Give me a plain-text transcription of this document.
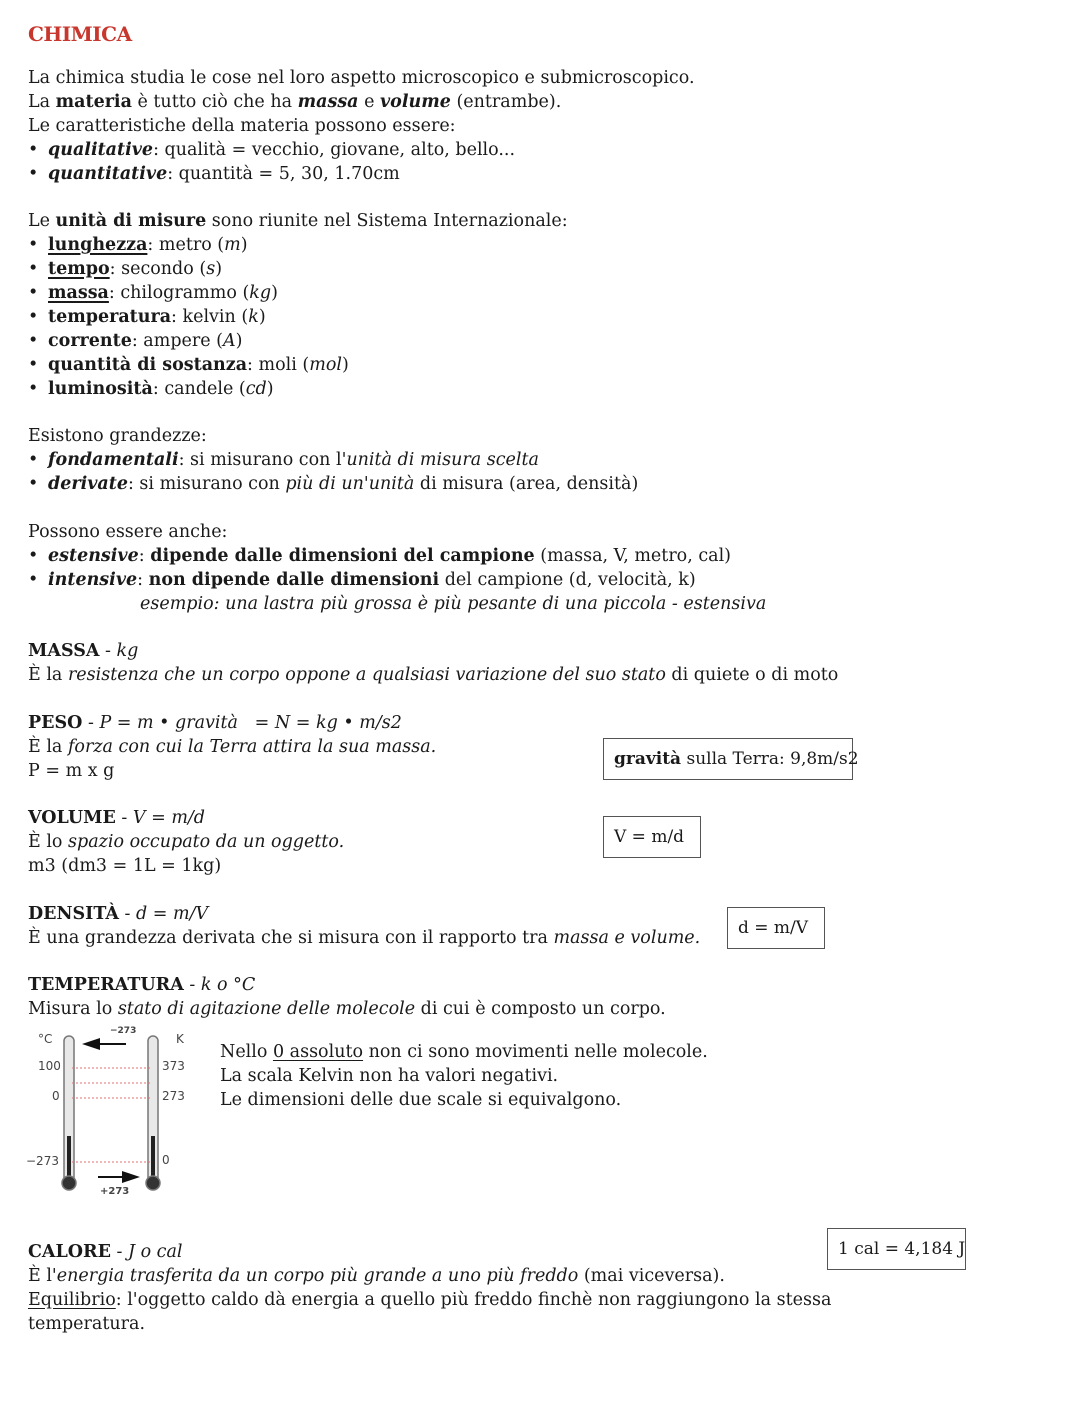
CHIMICA
La chimica studia le cose nel loro aspetto microscopico e submicroscopico.
La materia è tutto ciò che ha massa e volume (entrambe).
Le caratteristiche della materia possono essere:
• qualitative: qualità = vecchio, giovane, alto, bello...
• quantitative: quantità = 5, 30, 1.70cm
Le unità di misure sono riunite nel Sistema Internazionale:
• lunghezza: metro (m)
• tempo: secondo (s)
• massa: chilogrammo (kg)
• temperatura: kelvin (k)
• corrente: ampere (A)
• quantità di sostanza: moli (mol)
• luminosità: candele (cd)
Esistono grandezze:
• fondamentali: si misurano con l'unità di misura scelta
• derivate: si misurano con più di un'unità di misura (area, densità)
Possono essere anche:
• estensive: dipende dalle dimensioni del campione (massa, V, metro, cal)
• intensive: non dipende dalle dimensioni del campione (d, velocità, k)
esempio: una lastra più grossa è più pesante di una piccola - estensiva
MASSA - kg
È la resistenza che un corpo oppone a qualsiasi variazione del suo stato di quiete o di moto
PESO - P = m • gravità   = N = kg • m/s2
È la forza con cui la Terra attira la sua massa.
P = m x g
gravità sulla Terra: 9,8m/s2
VOLUME - V = m/d
È lo spazio occupato da un oggetto.
m3 (dm3 = 1L = 1kg)
V = m/d
DENSITÀ - d = m/V
È una grandezza derivata che si misura con il rapporto tra massa e volume.	d = m/V
TEMPERATURA - k o °C
Misura lo stato di agitazione delle molecole di cui è composto un corpo.
°C	K
100
0
−273
373
273
0
−273
+273
Nello 0 assoluto non ci sono movimenti nelle molecole.
La scala Kelvin non ha valori negativi.
Le dimensioni delle due scale si equivalgono.
CALORE - J o cal
È l'energia trasferita da un corpo più grande a uno più freddo (mai viceversa).
Equilibrio: l'oggetto caldo dà energia a quello più freddo finchè non raggiungono la stessa
temperatura.
1 cal = 4,184 J
